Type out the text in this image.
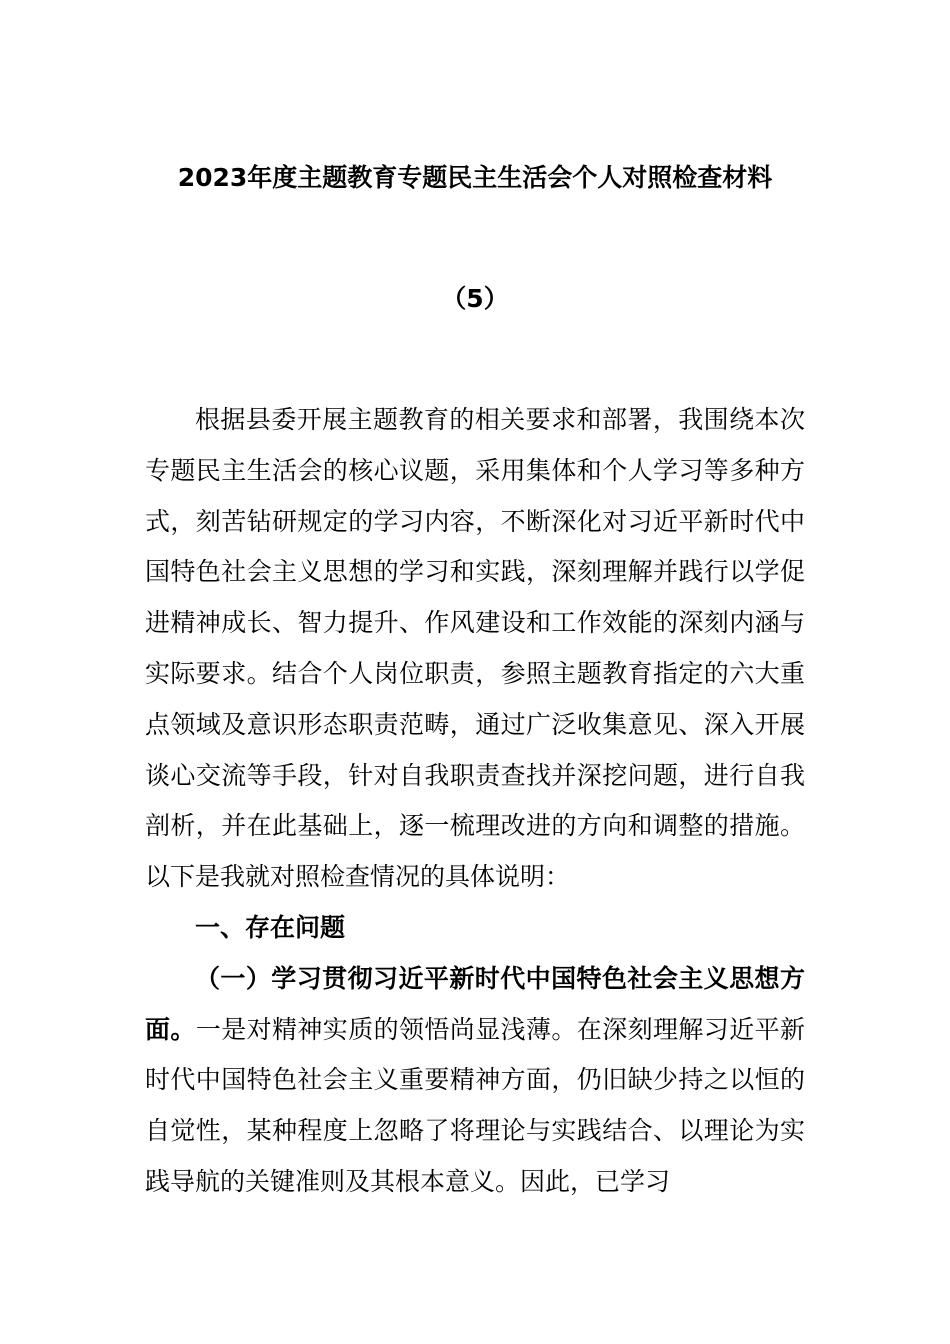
2023年度主题教育专题民主生活会个人对照检查材料
（5）

根据县委开展主题教育的相关要求和部署，我围绕本次专题民主生活会的核心议题，采用集体和个人学习等多种方式，刻苦钻研规定的学习内容，不断深化对习近平新时代中国特色社会主义思想的学习和实践，深刻理解并践行以学促进精神成长、智力提升、作风建设和工作效能的深刻内涵与实际要求。结合个人岗位职责，参照主题教育指定的六大重点领域及意识形态职责范畴，通过广泛收集意见、深入开展谈心交流等手段，针对自我职责查找并深挖问题，进行自我剖析，并在此基础上，逐一梳理改进的方向和调整的措施。以下是我就对照检查情况的具体说明：

一、存在问题

（一）学习贯彻习近平新时代中国特色社会主义思想方面。一是对精神实质的领悟尚显浅薄。在深刻理解习近平新时代中国特色社会主义重要精神方面，仍旧缺少持之以恒的自觉性，某种程度上忽略了将理论与实践结合、以理论为实践导航的关键准则及其根本意义。因此，已学习
